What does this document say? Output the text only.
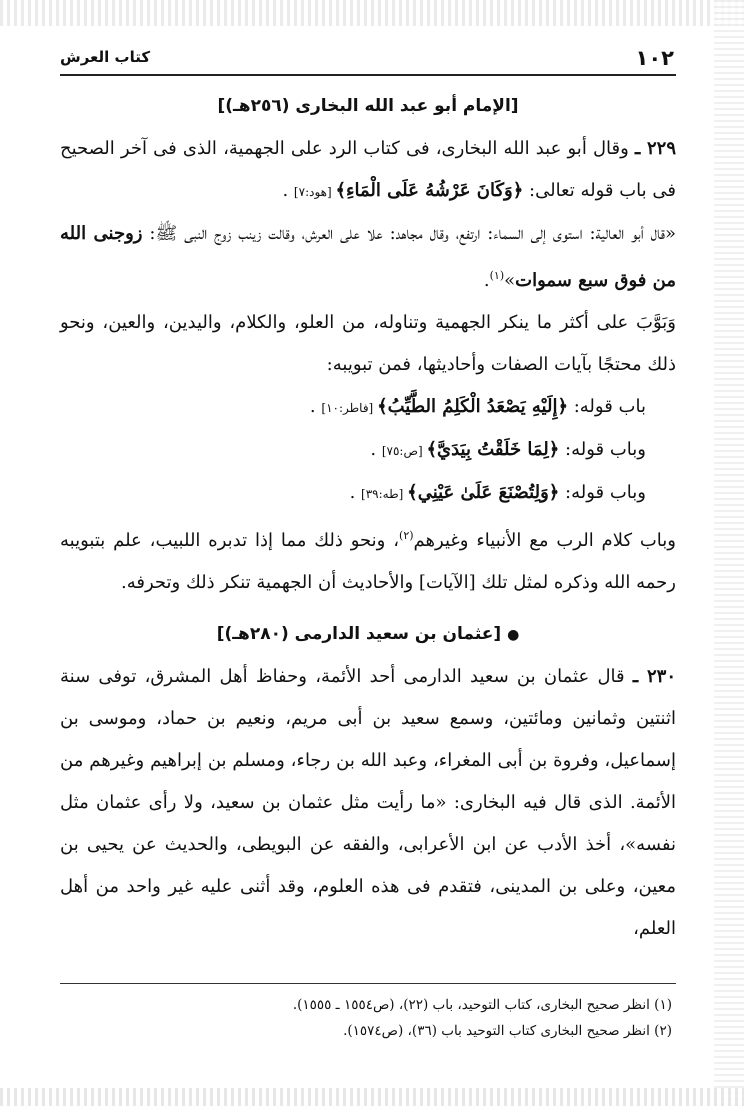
١٠٢
كتاب العرش
[الإمام أبو عبد الله البخارى (٢٥٦هـ)]

٢٢٩ ـ وقال أبو عبد الله البخارى، فى كتاب الرد على الجهمية، الذى فى آخر الصحيح فى باب قوله تعالى: ﴿وَكَانَ عَرْشُهُ عَلَى الْمَاءِ﴾ [هود:٧] .

«قال أبو العالية: استوى إلى السماء: ارتفع، وقال مجاهد: علا على العرش، وقالت زينب زوج النبى ﷺ: زوجنى الله من فوق سبع سموات»$^{(١)}$.

وَبَوَّبَ على أكثر ما ينكر الجهمية وتناوله، من العلو، والكلام، واليدين، والعين، ونحو ذلك محتجًا بآيات الصفات وأحاديثها، فمن تبويبه:

باب قوله: ﴿إِلَيْهِ يَصْعَدُ الْكَلِمُ الطَّيِّبُ﴾ [فاطر:١٠] .

وباب قوله: ﴿لِمَا خَلَقْتُ بِيَدَيَّ﴾ [ص:٧٥] .

وباب قوله: ﴿وَلِتُصْنَعَ عَلَىٰ عَيْنِي﴾ [طه:٣٩] .

وباب كلام الرب مع الأنبياء وغيرهم$^{(٢)}$، ونحو ذلك مما إذا تدبره اللبيب، علم بتبويبه رحمه الله وذكره لمثل تلك [الآيات] والأحاديث أن الجهمية تنكر ذلك وتحرفه.

● [عثمان بن سعيد الدارمى (٢٨٠هـ)]

٢٣٠ ـ قال عثمان بن سعيد الدارمى أحد الأئمة، وحفاظ أهل المشرق، توفى سنة اثنتين وثمانين ومائتين، وسمع سعيد بن أبى مريم، ونعيم بن حماد، وموسى بن إسماعيل، وفروة بن أبى المغراء، وعبد الله بن رجاء، ومسلم بن إبراهيم وغيرهم من الأئمة. الذى قال فيه البخارى: «ما رأيت مثل عثمان بن سعيد، ولا رأى عثمان مثل نفسه»، أخذ الأدب عن ابن الأعرابى، والفقه عن البويطى، والحديث عن يحيى بن معين، وعلى بن المدينى، فتقدم فى هذه العلوم، وقد أثنى عليه غير واحد من أهل العلم،

(١) انظر صحيح البخارى، كتاب التوحيد، باب (٢٢)، (ص١٥٥٤ ـ ١٥٥٥).

(٢) انظر صحيح البخارى كتاب التوحيد باب (٣٦)، (ص١٥٧٤).
